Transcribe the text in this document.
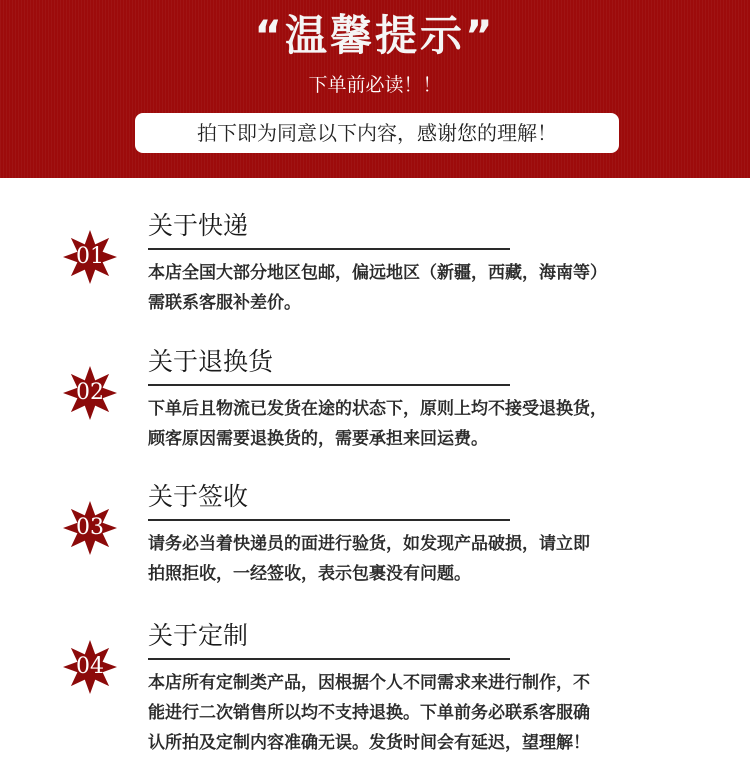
“温馨提示”
下单前必读！！
拍下即为同意以下内容，感谢您的理解！
01
关于快递
本店全国大部分地区包邮，偏远地区（新疆，西藏，海南等）
需联系客服补差价。
02
关于退换货
下单后且物流已发货在途的状态下，原则上均不接受退换货，
顾客原因需要退换货的，需要承担来回运费。
03
关于签收
请务必当着快递员的面进行验货，如发现产品破损，请立即
拍照拒收，一经签收，表示包裹没有问题。
04
关于定制
本店所有定制类产品，因根据个人不同需求来进行制作，不
能进行二次销售所以均不支持退换。下单前务必联系客服确
认所拍及定制内容准确无误。发货时间会有延迟，望理解！
